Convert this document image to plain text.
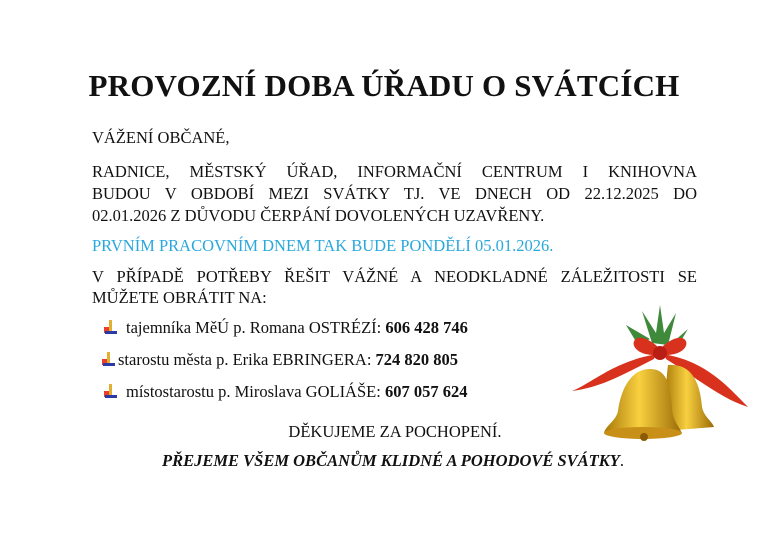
PROVOZNÍ DOBA ÚŘADU O SVÁTCÍCH
VÁŽENÍ OBČANÉ,
RADNICE, MĚSTSKÝ ÚŘAD, INFORMAČNÍ CENTRUM I KNIHOVNA
BUDOU V OBDOBÍ MEZI SVÁTKY TJ. VE DNECH OD 22.12.2025 DO
02.01.2026 Z DŮVODU ČERPÁNÍ DOVOLENÝCH UZAVŘENY.
PRVNÍM PRACOVNÍM DNEM TAK BUDE PONDĚLÍ 05.01.2026.
V PŘÍPADĚ POTŘEBY ŘEŠIT VÁŽNÉ A NEODKLADNÉ ZÁLEŽITOSTI SE
MŮŽETE OBRÁTIT NA:
tajemníka MěÚ p. Romana OSTRÉZÍ:
606 428 746
starostu města p. Erika EBRINGERA:
724 820 805
místostarostu p. Miroslava GOLIÁŠE:
607 057 624
DĚKUJEME ZA POCHOPENÍ.
PŘEJEME VŠEM OBČANŮM KLIDNÉ A POHODOVÉ SVÁTKY.
